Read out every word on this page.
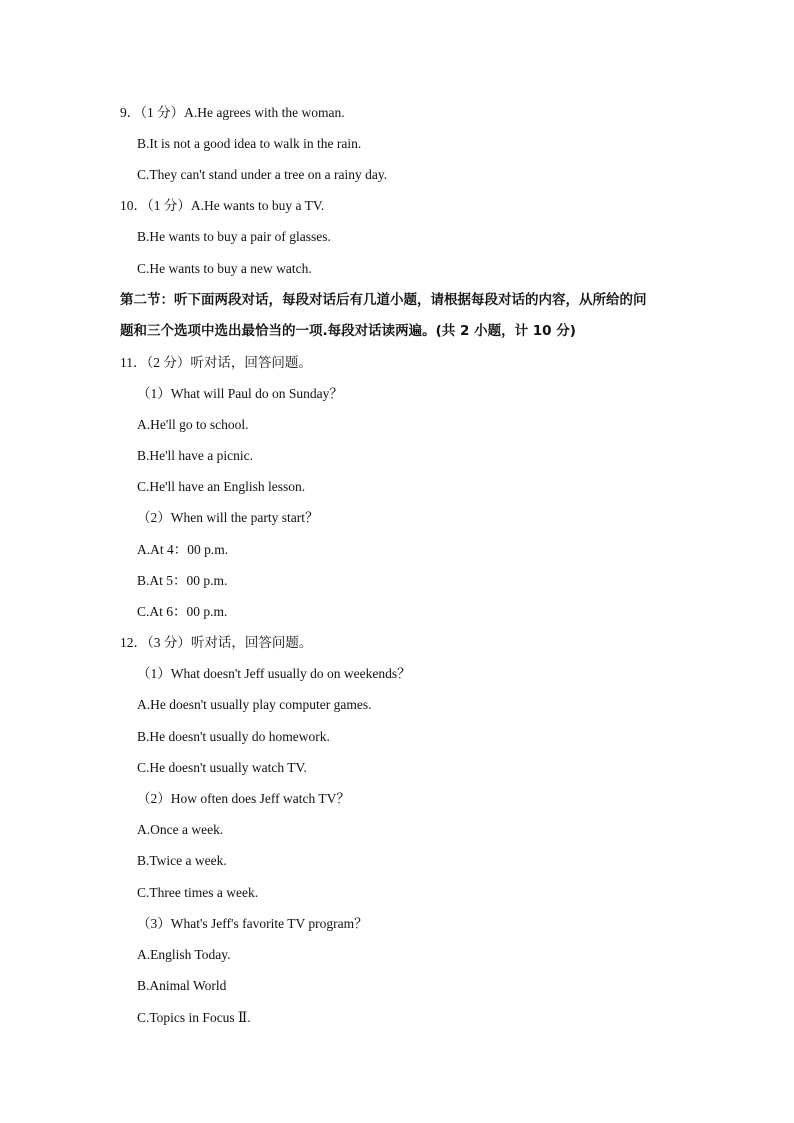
9．（1 分）A.He agrees with the woman.
B.It is not a good idea to walk in the rain.
C.They can't stand under a tree on a rainy day.
10．（1 分）A.He wants to buy a TV.
B.He wants to buy a pair of glasses.
C.He wants to buy a new watch.
第二节：听下面两段对话，每段对话后有几道小题，请根据每段对话的内容，从所给的问
题和三个选项中选出最恰当的一项.每段对话读两遍。(共 2 小题，计 10 分)
11．（2 分）听对话，回答问题。
（1）What will Paul do on Sunday？
A.He'll go to school.
B.He'll have a picnic.
C.He'll have an English lesson.
（2）When will the party start？
A.At 4：00 p.m.
B.At 5：00 p.m.
C.At 6：00 p.m.
12．（3 分）听对话，回答问题。
（1）What doesn't Jeff usually do on weekends？
A.He doesn't usually play computer games.
B.He doesn't usually do homework.
C.He doesn't usually watch TV.
（2）How often does Jeff watch TV？
A.Once a week.
B.Twice a week.
C.Three times a week.
（3）What's Jeff's favorite TV program？
A.English Today.
B.Animal World
C.Topics in Focus Ⅱ.
